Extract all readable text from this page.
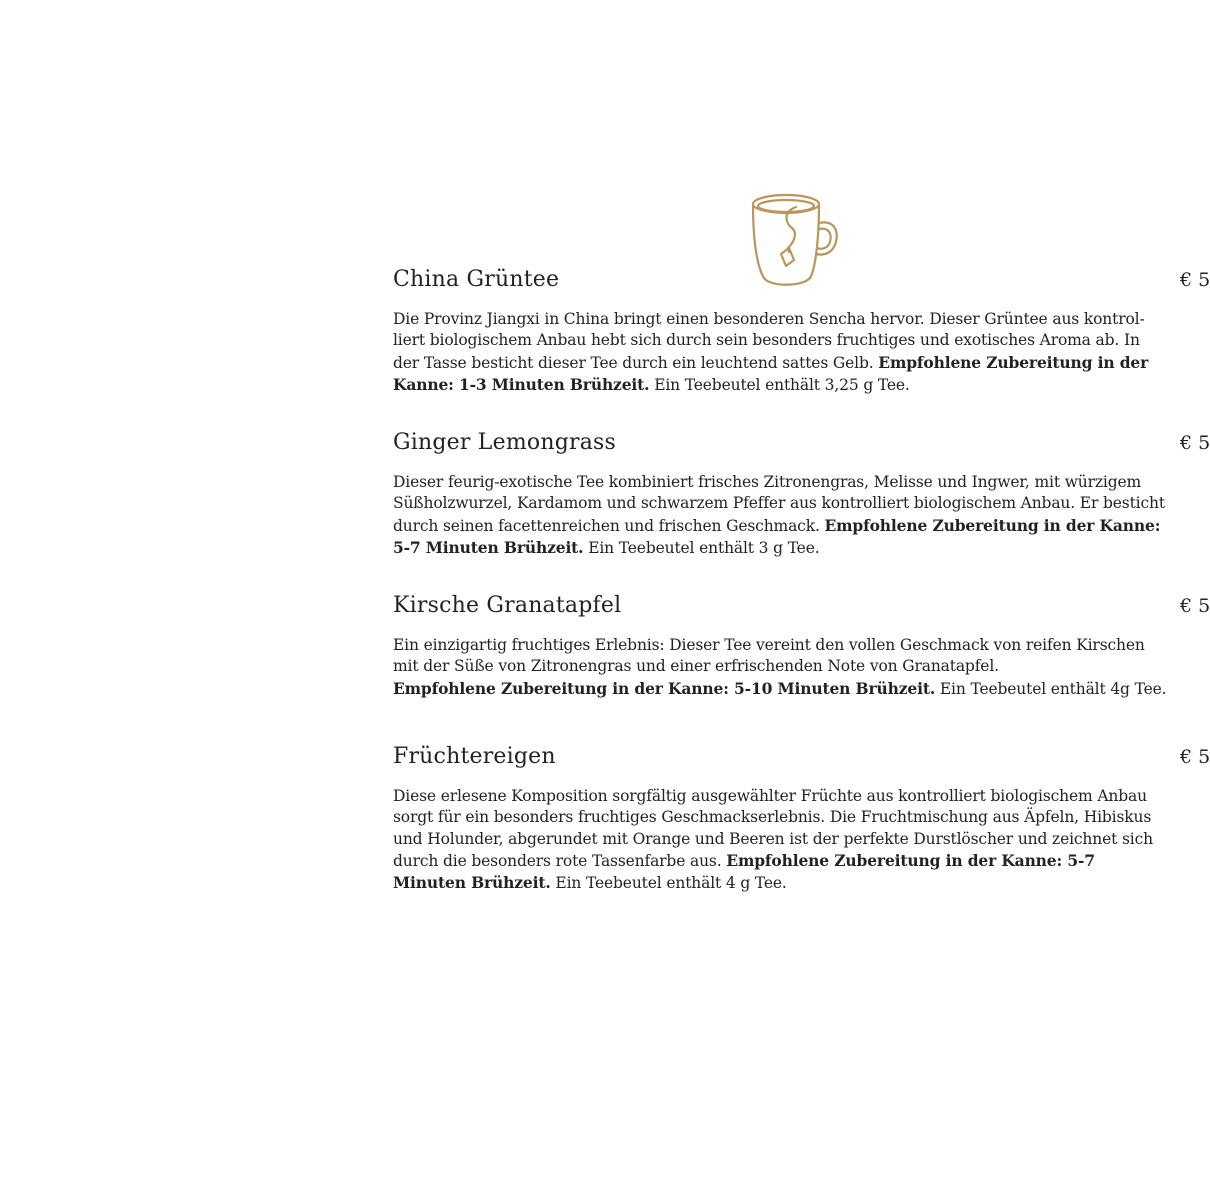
China Grüntee

Die Provinz Jiangxi in China bringt einen besonderen Sencha hervor. Dieser Grüntee aus kontrolliert biologischem Anbau hebt sich durch sein besonders fruchtiges und exotisches Aroma ab. In der Tasse besticht dieser Tee durch ein leuchtend sattes Gelb. Empfohlene Zubereitung in der Kanne: 1-3 Minuten Brühzeit. Ein Teebeutel enthält 3,25 g Tee.

€ 5
Ginger Lemongrass

Dieser feurig-exotische Tee kombiniert frisches Zitronengras, Melisse und Ingwer, mit würzigem Süßholzwurzel, Kardamom und schwarzem Pfeffer aus kontrolliert biologischem Anbau. Er besticht durch seinen facettenreichen und frischen Geschmack. Empfohlene Zubereitung in der Kanne: 5-7 Minuten Brühzeit. Ein Teebeutel enthält 3 g Tee.

€ 5
Kirsche Granatapfel

Ein einzigartig fruchtiges Erlebnis: Dieser Tee vereint den vollen Geschmack von reifen Kirschen mit der Süße von Zitronengras und einer erfrischenden Note von Granatapfel.
Empfohlene Zubereitung in der Kanne: 5-10 Minuten Brühzeit. Ein Teebeutel enthält 4g Tee.

€ 5
Früchtereigen

Diese erlesene Komposition sorgfältig ausgewählter Früchte aus kontrolliert biologischem Anbau sorgt für ein besonders fruchtiges Geschmackserlebnis. Die Fruchtmischung aus Äpfeln, Hibiskus und Holunder, abgerundet mit Orange und Beeren ist der perfekte Durstlöscher und zeichnet sich durch die besonders rote Tassenfarbe aus. Empfohlene Zubereitung in der Kanne: 5-7 Minuten Brühzeit. Ein Teebeutel enthält 4 g Tee.

€ 5
